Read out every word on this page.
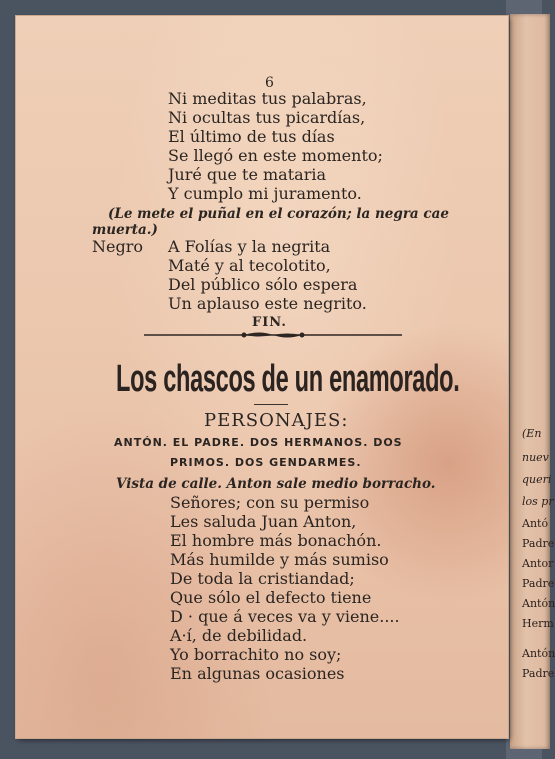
(En
nuev
queri
los pr
Antó
Padre
Antor
Padre
Antón
Herm
Antón
Padre
6
Ni meditas tus palabras,
Ni ocultas tus picardías,
El último de tus días
Se llegó en este momento;
Juré que te mataria
Y cumplo mi juramento.
(Le mete el puñal en el corazón; la negra cae
muerta.)
Negro A Folías y la negrita
Maté y al tecolotito,
Del público sólo espera
Un aplauso este negrito.
FIN.
Los chascos de un enamorado.
PERSONAJES:
ANTÓN. EL PADRE. DOS HERMANOS. DOS
PRIMOS. DOS GENDARMES.
Vista de calle. Anton sale medio borracho.
Señores; con su permiso
Les saluda Juan Anton,
El hombre más bonachón.
Más humilde y más sumiso
De toda la cristiandad;
Que sólo el defecto tiene
D · que á veces va y viene....
A·í, de debilidad.
Yo borrachito no soy;
En algunas ocasiones
